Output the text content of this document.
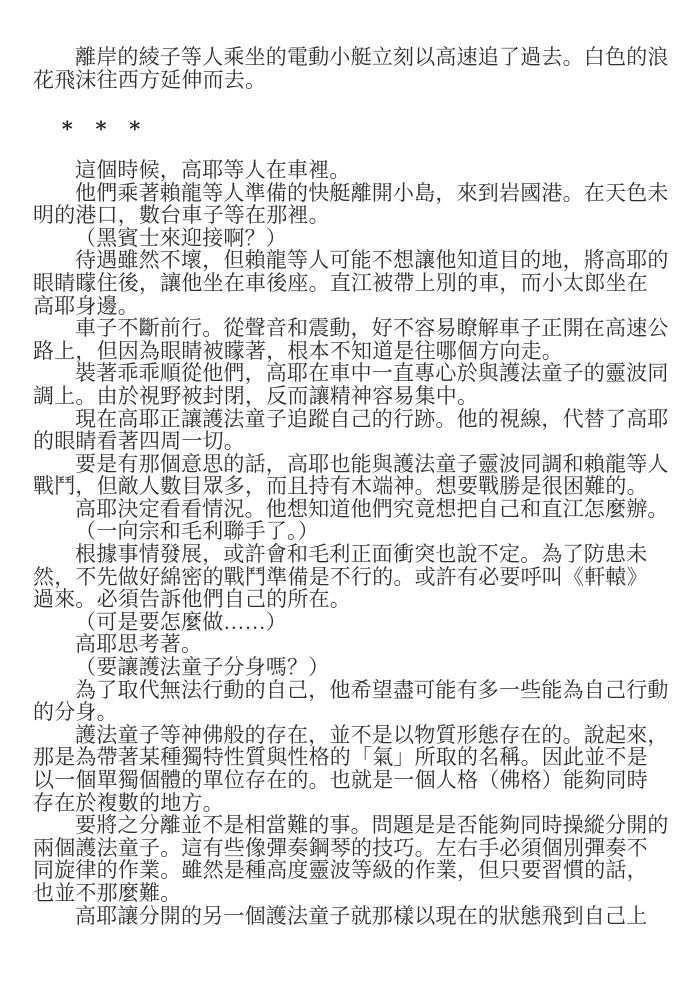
離岸的綾子等人乘坐的電動小艇立刻以高速追了過去。白色的浪
花飛沫往西方延伸而去。
∗ ∗ ∗
這個時候，高耶等人在車裡。
他們乘著賴龍等人準備的快艇離開小島，來到岩國港。在天色未
明的港口，數台車子等在那裡。
（黑賓士來迎接啊？）
待遇雖然不壞，但賴龍等人可能不想讓他知道目的地，將高耶的
眼睛矇住後，讓他坐在車後座。直江被帶上別的車，而小太郎坐在
高耶身邊。
車子不斷前行。從聲音和震動，好不容易瞭解車子正開在高速公
路上，但因為眼睛被矇著，根本不知道是往哪個方向走。
裝著乖乖順從他們，高耶在車中一直專心於與護法童子的靈波同
調上。由於視野被封閉，反而讓精神容易集中。
現在高耶正讓護法童子追蹤自己的行跡。他的視線，代替了高耶
的眼睛看著四周一切。
要是有那個意思的話，高耶也能與護法童子靈波同調和賴龍等人
戰鬥，但敵人數目眾多，而且持有木端神。想要戰勝是很困難的。
高耶決定看看情況。他想知道他們究竟想把自己和直江怎麼辦。
（一向宗和毛利聯手了。）
根據事情發展，或許會和毛利正面衝突也說不定。為了防患未
然，不先做好綿密的戰鬥準備是不行的。或許有必要呼叫《軒轅》
過來。必須告訴他們自己的所在。
（可是要怎麼做……）
高耶思考著。
（要讓護法童子分身嗎？）
為了取代無法行動的自己，他希望盡可能有多一些能為自己行動
的分身。
護法童子等神佛般的存在，並不是以物質形態存在的。說起來，
那是為帶著某種獨特性質與性格的「氣」所取的名稱。因此並不是
以一個單獨個體的單位存在的。也就是一個人格（佛格）能夠同時
存在於複數的地方。
要將之分離並不是相當難的事。問題是是否能夠同時操縱分開的
兩個護法童子。這有些像彈奏鋼琴的技巧。左右手必須個別彈奏不
同旋律的作業。雖然是種高度靈波等級的作業，但只要習慣的話，
也並不那麼難。
高耶讓分開的另一個護法童子就那樣以現在的狀態飛到自己上
